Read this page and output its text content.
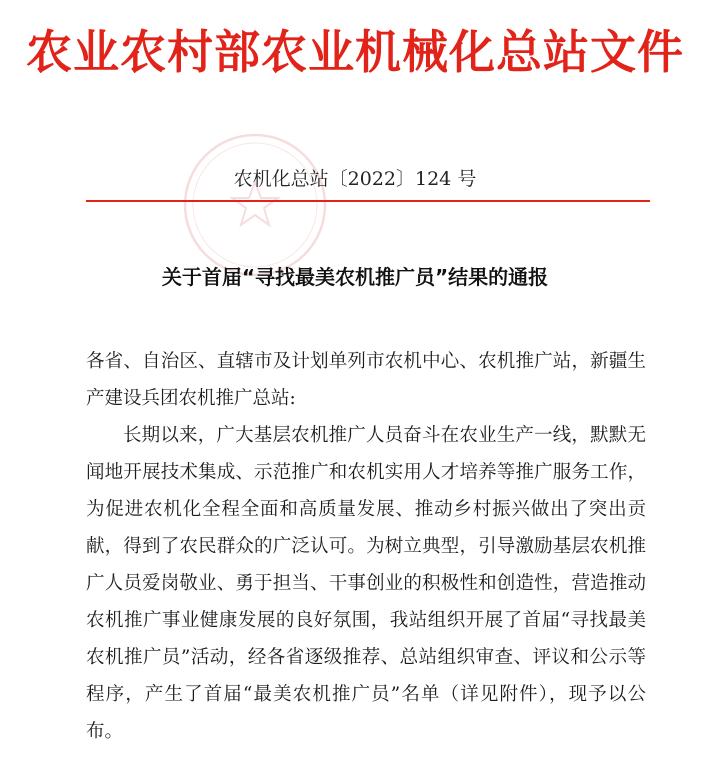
农业农村部农业机械化总站文件
农机化总站〔2022〕124 号
关于首届“寻找最美农机推广员”结果的通报
各省、自治区、直辖市及计划单列市农机中心、农机推广站，新疆生产建设兵团农机推广总站:
长期以来，广大基层农机推广人员奋斗在农业生产一线，默默无闻地开展技术集成、示范推广和农机实用人才培养等推广服务工作，为促进农机化全程全面和高质量发展、推动乡村振兴做出了突出贡献，得到了农民群众的广泛认可。为树立典型，引导激励基层农机推广人员爱岗敬业、勇于担当、干事创业的积极性和创造性，营造推动农机推广事业健康发展的良好氛围，我站组织开展了首届“寻找最美农机推广员”活动，经各省逐级推荐、总站组织审查、评议和公示等程序，产生了首届“最美农机推广员”名单（详见附件），现予以公布。
